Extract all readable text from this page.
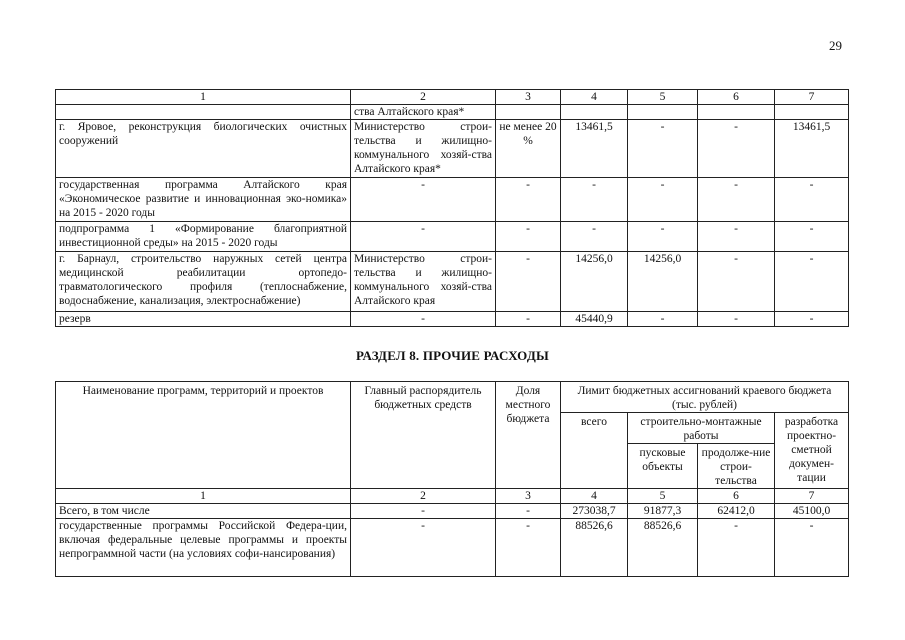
29
1	2	3	4	5	6	7
	ства Алтайского края*					
г. Яровое, реконструкция биологических очистных сооружений	Министерство строи-тельства и жилищно-коммунального хозяй-ства Алтайского края*	не менее 20 %	13461,5	-	-	13461,5
государственная программа Алтайского края «Экономическое развитие и инновационная эко-номика» на 2015 - 2020 годы	-	-	-	-	-	-
подпрограмма 1 «Формирование благоприятной инвестиционной среды» на 2015 - 2020 годы	-	-	-	-	-	-
г. Барнаул, строительство наружных сетей центра медицинской реабилитации ортопедо-травматологического профиля (теплоснабжение, водоснабжение, канализация, электроснабжение)	Министерство строи-тельства и жилищно-коммунального хозяй-ства Алтайского края	-	14256,0	14256,0	-	-
резерв	-	-	45440,9	-	-	-
РАЗДЕЛ 8. ПРОЧИЕ РАСХОДЫ
Наименование программ, территорий и проектов	Главный распорядитель бюджетных средств	Доля местного бюджета	Лимит бюджетных ассигнований краевого бюджета (тыс. рублей)			
			всего	строительно-монтажные работы		разработка проектно-сметной докумен-тации
				пусковые объекты	продолже-ние строи-тельства	

1	2	3	4	5	6	7
Всего, в том числе	-	-	273038,7	91877,3	62412,0	45100,0
государственные программы Российской Федера-ции, включая федеральные целевые программы и проекты непрограммной части (на условиях софи-нансирования)	-	-	88526,6	88526,6	-	-
